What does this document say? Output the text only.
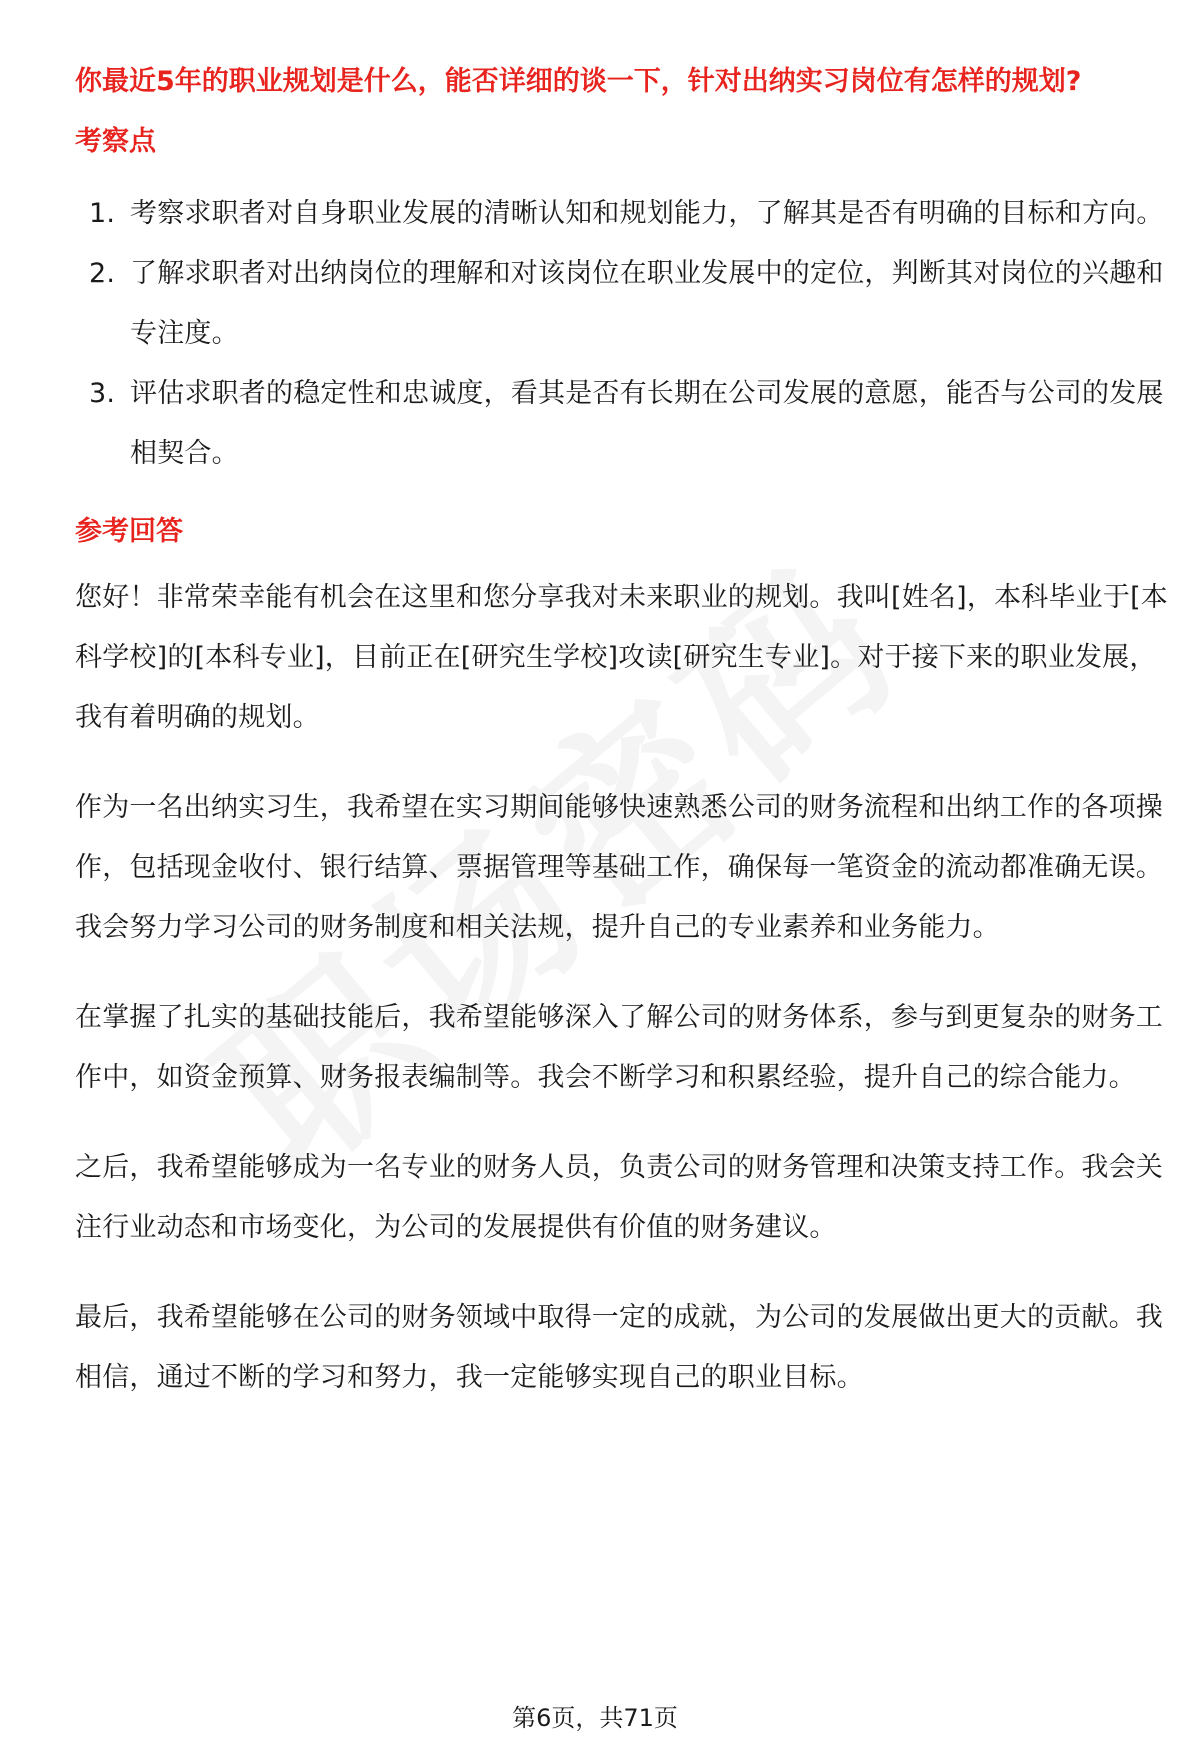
你最近5年的职业规划是什么，能否详细的谈一下，针对出纳实习岗位有怎样的规划?
考察点
1. 考察求职者对自身职业发展的清晰认知和规划能力，了解其是否有明确的目标和方向。
2. 了解求职者对出纳岗位的理解和对该岗位在职业发展中的定位，判断其对岗位的兴趣和专注度。
3. 评估求职者的稳定性和忠诚度，看其是否有长期在公司发展的意愿，能否与公司的发展相契合。
参考回答

您好！非常荣幸能有机会在这里和您分享我对未来职业的规划。我叫[姓名]，本科毕业于[本科学校]的[本科专业]，目前正在[研究生学校]攻读[研究生专业]。对于接下来的职业发展，我有着明确的规划。

作为一名出纳实习生，我希望在实习期间能够快速熟悉公司的财务流程和出纳工作的各项操作，包括现金收付、银行结算、票据管理等基础工作，确保每一笔资金的流动都准确无误。我会努力学习公司的财务制度和相关法规，提升自己的专业素养和业务能力。

在掌握了扎实的基础技能后，我希望能够深入了解公司的财务体系，参与到更复杂的财务工作中，如资金预算、财务报表编制等。我会不断学习和积累经验，提升自己的综合能力。

之后，我希望能够成为一名专业的财务人员，负责公司的财务管理和决策支持工作。我会关注行业动态和市场变化，为公司的发展提供有价值的财务建议。

最后，我希望能够在公司的财务领域中取得一定的成就，为公司的发展做出更大的贡献。我相信，通过不断的学习和努力，我一定能够实现自己的职业目标。

第6页，共71页
